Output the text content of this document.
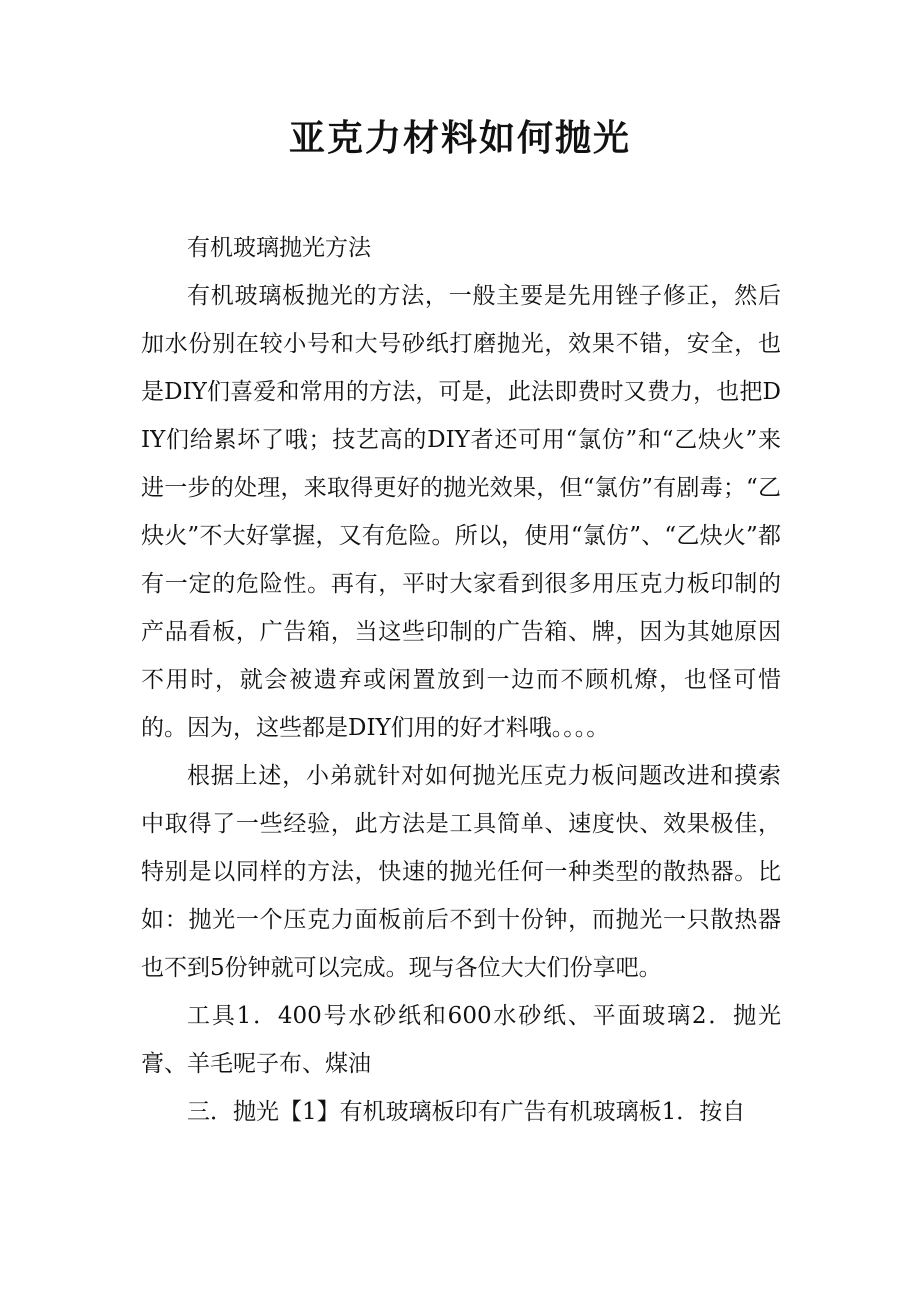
亚克力材料如何抛光

有机玻璃抛光方法

有机玻璃板抛光的方法，一般主要是先用锉子修正，然后加水份别在较小号和大号砂纸打磨抛光，效果不错，安全，也是DIY们喜爱和常用的方法，可是，此法即费时又费力，也把DIY们给累坏了哦；技艺高的DIY者还可用“氯仿”和“乙炔火”来进一步的处理，来取得更好的抛光效果，但“氯仿”有剧毒；“乙炔火”不大好掌握，又有危险。所以，使用“氯仿”、“乙炔火”都有一定的危险性。再有，平时大家看到很多用压克力板印制的产品看板，广告箱，当这些印制的广告箱、牌，因为其她原因不用时，就会被遗弃或闲置放到一边而不顾机燎，也怪可惜的。因为，这些都是DIY们用的好才料哦。。。。

根据上述，小弟就针对如何抛光压克力板问题改进和摸索中取得了一些经验，此方法是工具简单、速度快、效果极佳，特别是以同样的方法，快速的抛光任何一种类型的散热器。比如：抛光一个压克力面板前后不到十份钟，而抛光一只散热器也不到5份钟就可以完成。现与各位大大们份享吧。

工具1．400号水砂纸和600水砂纸、平面玻璃2．抛光膏、羊毛呢子布、煤油

三．抛光【1】有机玻璃板印有广告有机玻璃板1．按自
